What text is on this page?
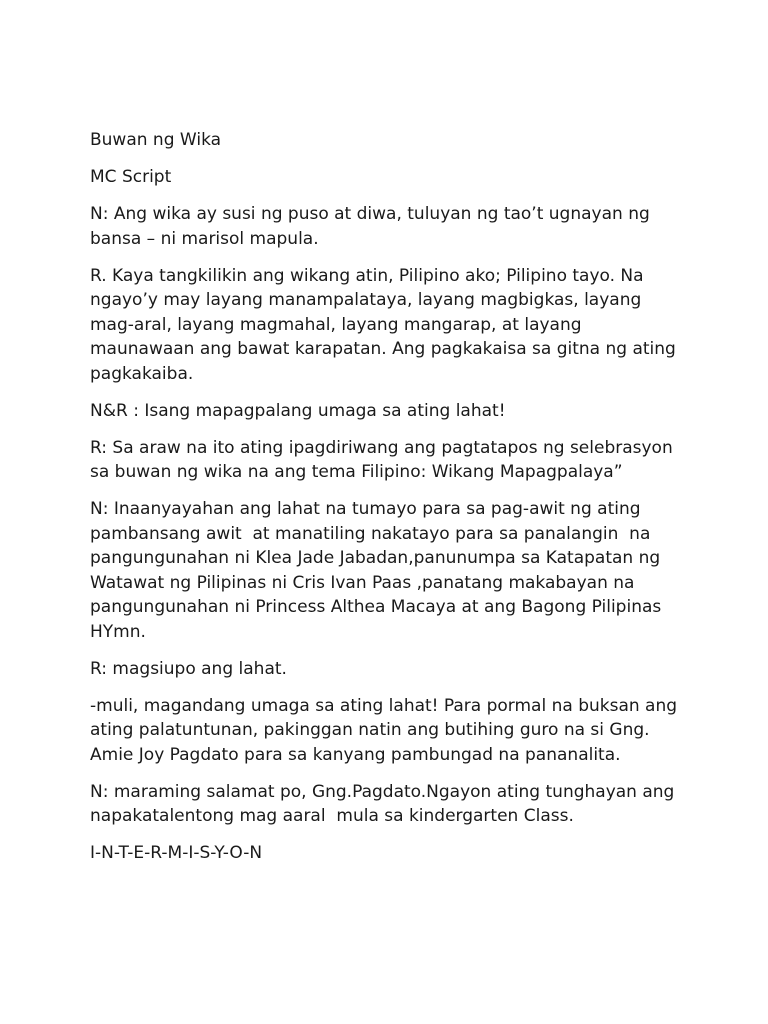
Buwan ng Wika

MC Script

N: Ang wika ay susi ng puso at diwa, tuluyan ng tao’t ugnayan ng bansa – ni marisol mapula.

R. Kaya tangkilikin ang wikang atin, Pilipino ako; Pilipino tayo. Na ngayo’y may layang manampalataya, layang magbigkas, layang mag-aral, layang magmahal, layang mangarap, at layang maunawaan ang bawat karapatan. Ang pagkakaisa sa gitna ng ating pagkakaiba.

N&R : Isang mapagpalang umaga sa ating lahat!

R: Sa araw na ito ating ipagdiriwang ang pagtatapos ng selebrasyon sa buwan ng wika na ang tema Filipino: Wikang Mapagpalaya”

N: Inaanyayahan ang lahat na tumayo para sa pag-awit ng ating pambansang awit  at manatiling nakatayo para sa panalangin  na pangungunahan ni Klea Jade Jabadan,panunumpa sa Katapatan ng Watawat ng Pilipinas ni Cris Ivan Paas ,panatang makabayan na pangungunahan ni Princess Althea Macaya at ang Bagong Pilipinas HYmn.

R: magsiupo ang lahat.

-muli, magandang umaga sa ating lahat! Para pormal na buksan ang ating palatuntunan, pakinggan natin ang butihing guro na si Gng. Amie Joy Pagdato para sa kanyang pambungad na pananalita.

N: maraming salamat po, Gng.Pagdato.Ngayon ating tunghayan ang napakatalentong mag aaral  mula sa kindergarten Class.

I-N-T-E-R-M-I-S-Y-O-N
